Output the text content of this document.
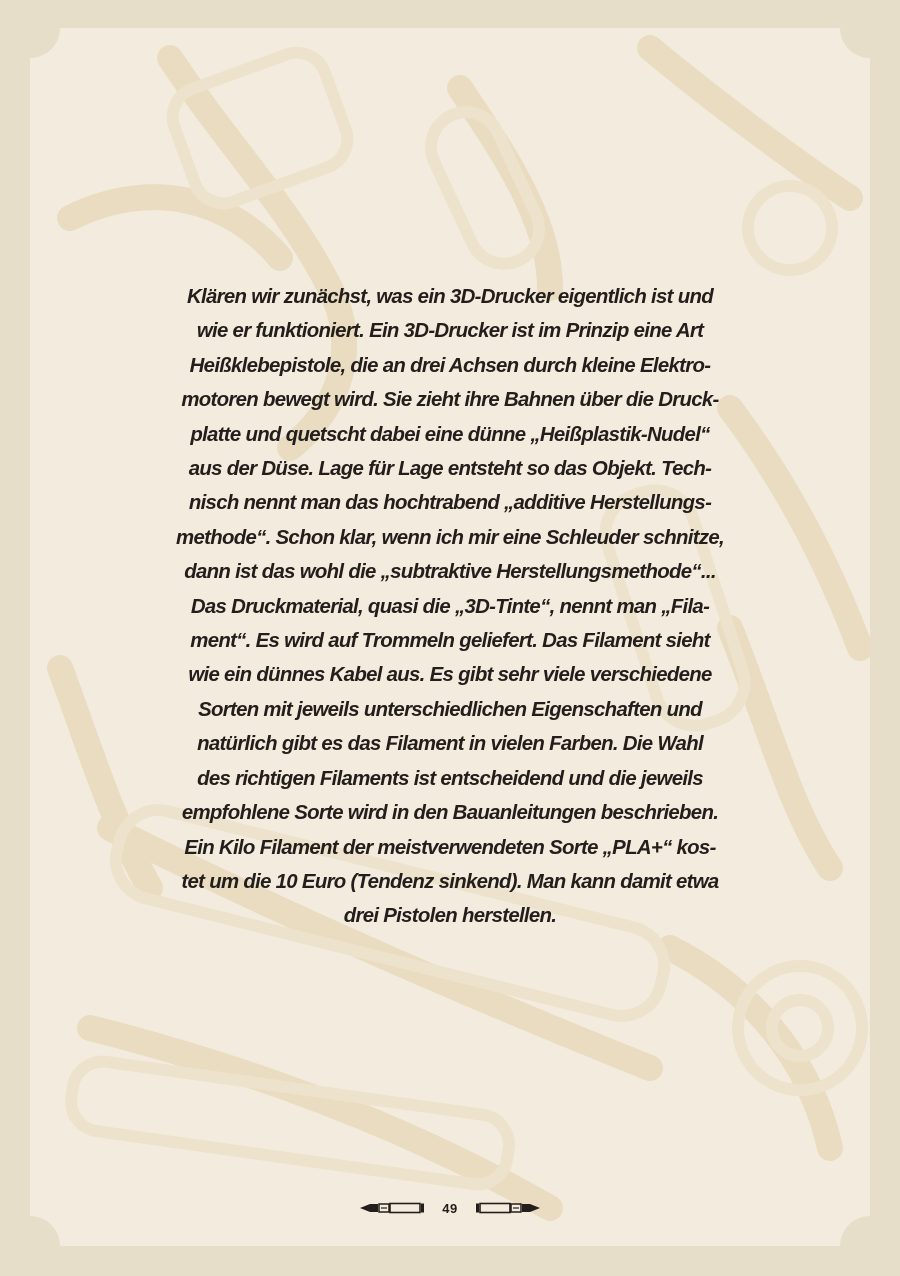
Klären wir zunächst, was ein 3D-Drucker eigentlich ist und
wie er funktioniert. Ein 3D-Drucker ist im Prinzip eine Art
Heißklebepistole, die an drei Achsen durch kleine Elektro-
motoren bewegt wird. Sie zieht ihre Bahnen über die Druck-
platte und quetscht dabei eine dünne „Heißplastik-Nudel“
aus der Düse. Lage für Lage entsteht so das Objekt. Tech-
nisch nennt man das hochtrabend „additive Herstellungs-
methode“. Schon klar, wenn ich mir eine Schleuder schnitze,
dann ist das wohl die „subtraktive Herstellungsmethode“...
Das Druckmaterial, quasi die „3D-Tinte“, nennt man „Fila-
ment“. Es wird auf Trommeln geliefert. Das Filament sieht
wie ein dünnes Kabel aus. Es gibt sehr viele verschiedene
Sorten mit jeweils unterschiedlichen Eigenschaften und
natürlich gibt es das Filament in vielen Farben. Die Wahl
des richtigen Filaments ist entscheidend und die jeweils
empfohlene Sorte wird in den Bauanleitungen beschrieben.
Ein Kilo Filament der meistverwendeten Sorte „PLA+“ kos-
tet um die 10 Euro (Tendenz sinkend). Man kann damit etwa
drei Pistolen herstellen.
49
